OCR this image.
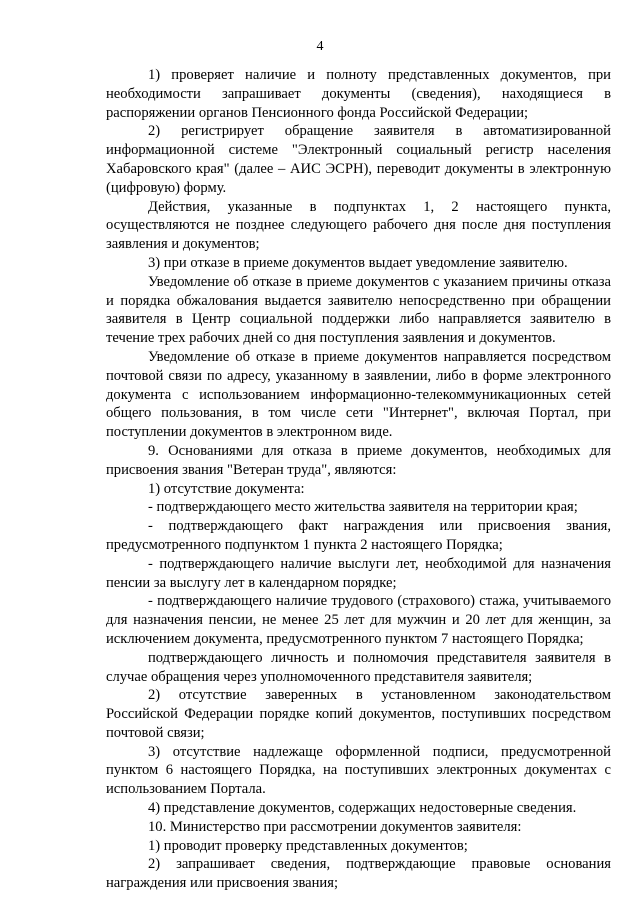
4

1) проверяет наличие и полноту представленных документов, при необходимости запрашивает документы (сведения), находящиеся в распоряжении органов Пенсионного фонда Российской Федерации;

2) регистрирует обращение заявителя в автоматизированной информационной системе "Электронный социальный регистр населения Хабаровского края" (далее – АИС ЭСРН), переводит документы в электронную (цифровую) форму.

Действия, указанные в подпунктах 1, 2 настоящего пункта, осуществляются не позднее следующего рабочего дня после дня поступления заявления и документов;

3) при отказе в приеме документов выдает уведомление заявителю.

Уведомление об отказе в приеме документов с указанием причины отказа и порядка обжалования выдается заявителю непосредственно при обращении заявителя в Центр социальной поддержки либо направляется заявителю в течение трех рабочих дней со дня поступления заявления и документов.

Уведомление об отказе в приеме документов направляется посредством почтовой связи по адресу, указанному в заявлении, либо в форме электронного документа с использованием информационно-телекоммуникационных сетей общего пользования, в том числе сети "Интернет", включая Портал, при поступлении документов в электронном виде.

9. Основаниями для отказа в приеме документов, необходимых для присвоения звания "Ветеран труда", являются:

1) отсутствие документа:

- подтверждающего место жительства заявителя на территории края;

- подтверждающего факт награждения или присвоения звания, предусмотренного подпунктом 1 пункта 2 настоящего Порядка;

- подтверждающего наличие выслуги лет, необходимой для назначения пенсии за выслугу лет в календарном порядке;

- подтверждающего наличие трудового (страхового) стажа, учитываемого для назначения пенсии, не менее 25 лет для мужчин и 20 лет для женщин, за исключением документа, предусмотренного пунктом 7 настоящего Порядка;

подтверждающего личность и полномочия представителя заявителя в случае обращения через уполномоченного представителя заявителя;

2) отсутствие заверенных в установленном законодательством Российской Федерации порядке копий документов, поступивших посредством почтовой связи;

3) отсутствие надлежаще оформленной подписи, предусмотренной пунктом 6 настоящего Порядка, на поступивших электронных документах с использованием Портала.

4) представление документов, содержащих недостоверные сведения.

10. Министерство при рассмотрении документов заявителя:

1) проводит проверку представленных документов;

2) запрашивает сведения, подтверждающие правовые основания награждения или присвоения звания;
